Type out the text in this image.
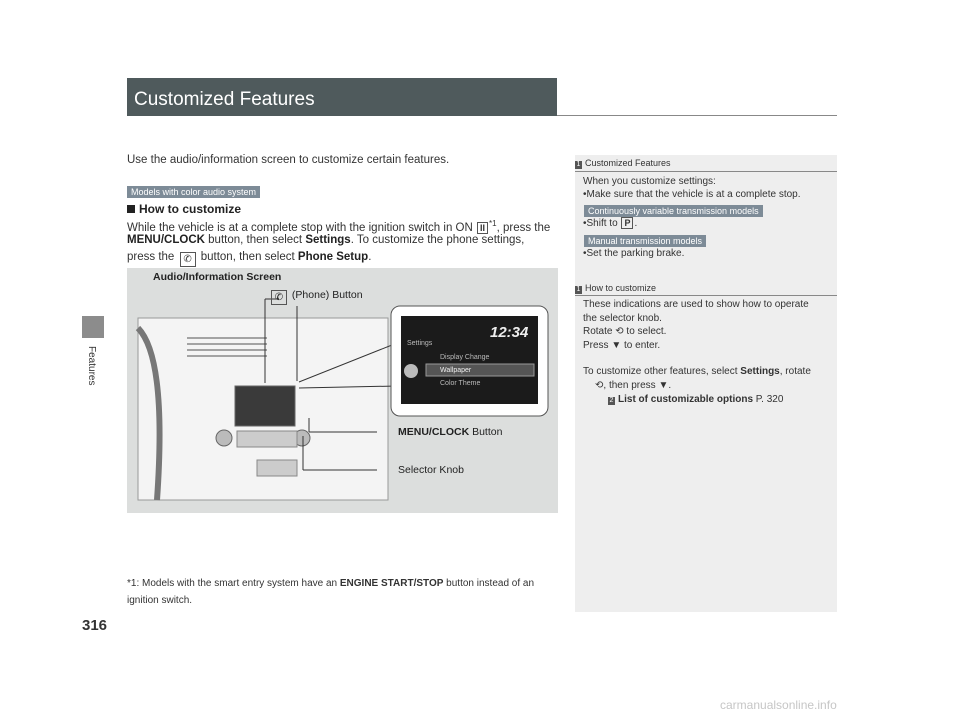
Features
316
Customized Features
Use the audio/information screen to customize certain features.
Models with color audio system
How to customize
While the vehicle is at a complete stop with the ignition switch in ON II $^{*1}$, press the
MENU/CLOCK button, then select Settings. To customize the phone settings,
press the ✆ button, then select Phone Setup.
12:34
Settings
Display Change
Wallpaper
Color Theme
Audio/Information Screen
✆ (Phone) Button
MENU/CLOCK Button
Selector Knob
*1: Models with the smart entry system have an ENGINE START/STOP button instead of an
ignition switch.
1 Customized Features
When you customize settings:
•Make sure that the vehicle is at a complete stop.
Continuously variable transmission models
•Shift to P .
Manual transmission models
•Set the parking brake.
1 How to customize
These indications are used to show how to operate
the selector knob.
Rotate ⟲ to select.
Press ▼ to enter.
To customize other features, select Settings, rotate
⟲, then press ▼.
2 List of customizable options P. 320
carmanualsonline.info
